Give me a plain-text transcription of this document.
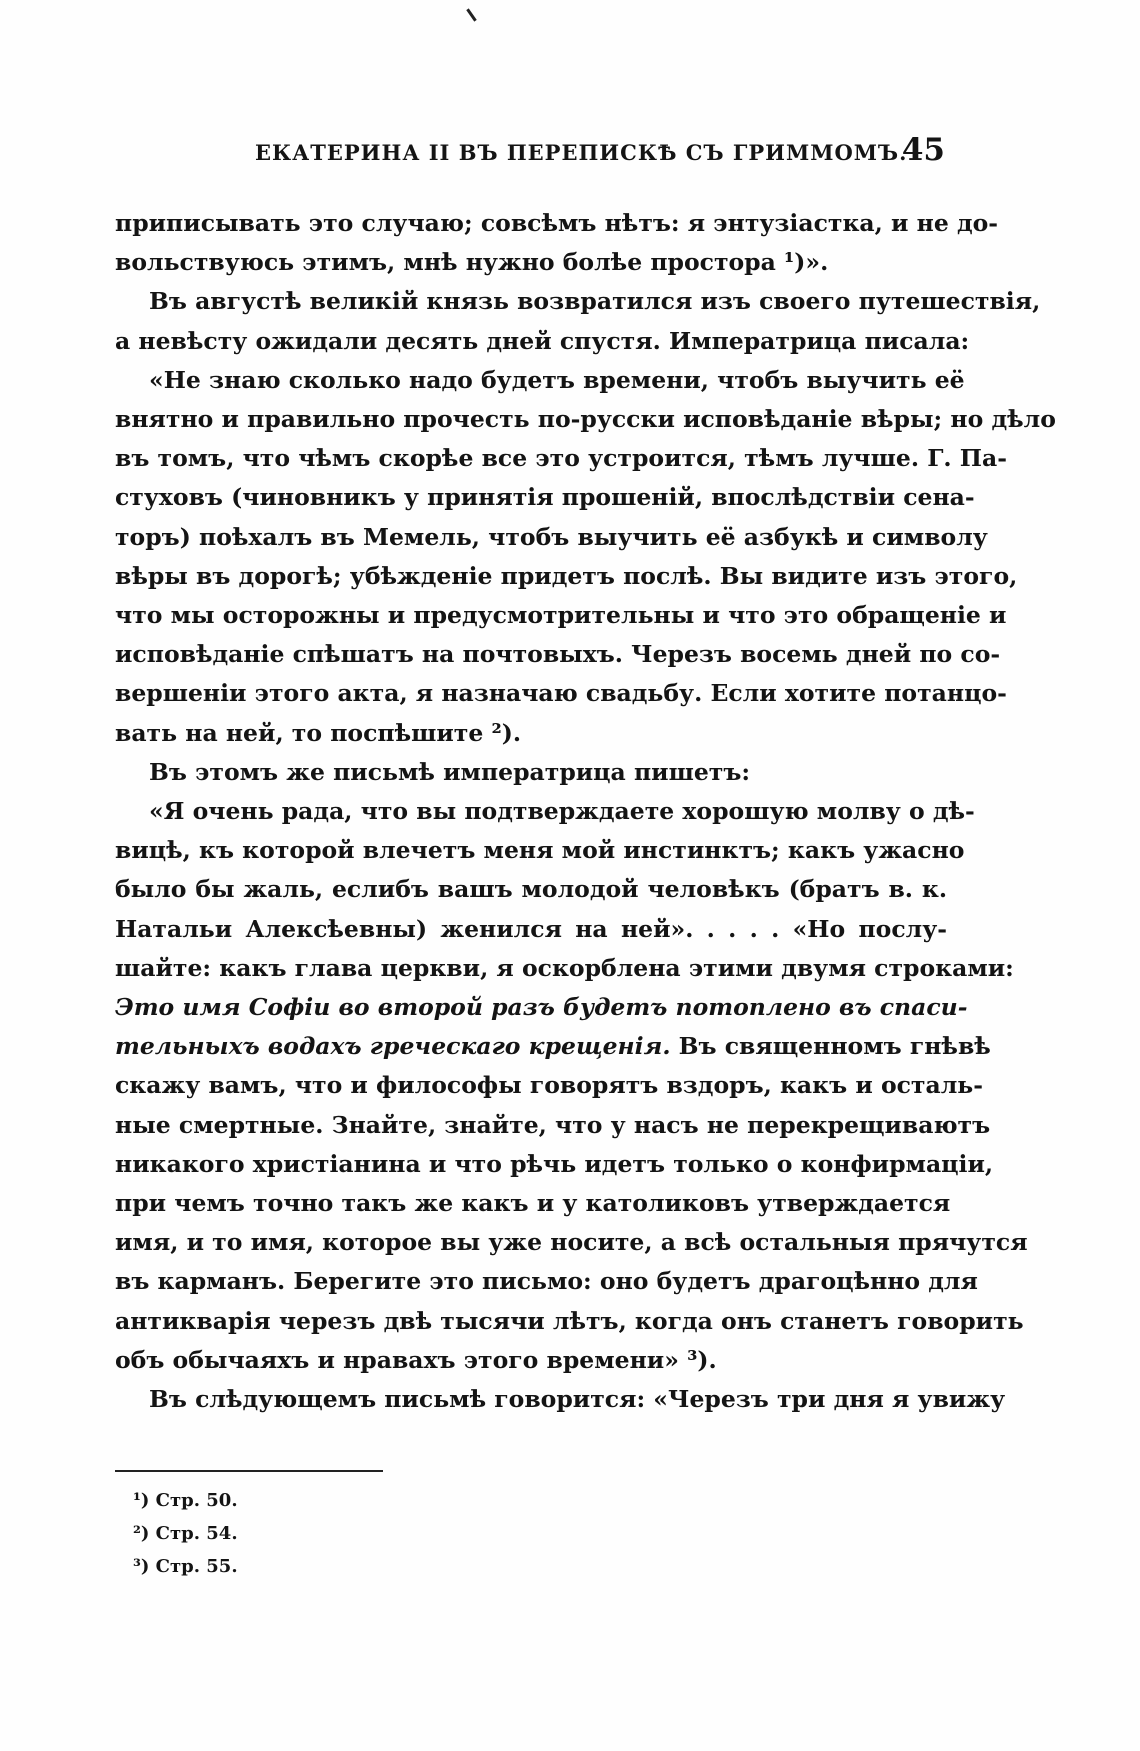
ЕКАТЕРИНА II ВЪ ПЕРЕПИСКѢ СЪ ГРИММОМЪ.
45
приписывать это случаю; совсѣмъ нѣтъ: я энтузіастка, и не до-
вольствуюсь этимъ, мнѣ нужно болѣе простора ¹)».
Въ августѣ великій князь возвратился изъ своего путешествія,
а невѣсту ожидали десять дней спустя. Императрица писала:
«Не знаю сколько надо будетъ времени, чтобъ выучить её
внятно и правильно прочесть по-русски исповѣданіе вѣры; но дѣло
въ томъ, что чѣмъ скорѣе все это устроится, тѣмъ лучше. Г. Па-
стуховъ (чиновникъ у принятія прошеній, впослѣдствіи сена-
торъ) поѣхалъ въ Мемель, чтобъ выучить её азбукѣ и символу
вѣры въ дорогѣ; убѣжденіе придетъ послѣ. Вы видите изъ этого,
что мы осторожны и предусмотрительны и что это обращеніе и
исповѣданіе спѣшатъ на почтовыхъ. Черезъ восемь дней по со-
вершеніи этого акта, я назначаю свадьбу. Если хотите потанцо-
вать на ней, то поспѣшите ²).
Въ этомъ же письмѣ императрица пишетъ:
«Я очень рада, что вы подтверждаете хорошую молву о дѣ-
вицѣ, къ которой влечетъ меня мой инстинктъ; какъ ужасно
было бы жаль, еслибъ вашъ молодой человѣкъ (братъ в. к.
Натальи Алексѣевны) женился на ней». . . . . «Но послу-
шайте: какъ глава церкви, я оскорблена этими двумя строками:
Это имя Софіи во второй разъ будетъ потоплено въ спаси-
тельныхъ водахъ греческаго крещенія. Въ священномъ гнѣвѣ
скажу вамъ, что и философы говорятъ вздоръ, какъ и осталь-
ные смертные. Знайте, знайте, что у насъ не перекрещиваютъ
никакого христіанина и что рѣчь идетъ только о конфирмаціи,
при чемъ точно такъ же какъ и у католиковъ утверждается
имя, и то имя, которое вы уже носите, а всѣ остальныя прячутся
въ карманъ. Берегите это письмо: оно будетъ драгоцѣнно для
антикварія черезъ двѣ тысячи лѣтъ, когда онъ станетъ говорить
объ обычаяхъ и нравахъ этого времени» ³).
Въ слѣдующемъ письмѣ говорится: «Черезъ три дня я увижу
¹) Стр. 50.
²) Стр. 54.
³) Стр. 55.
